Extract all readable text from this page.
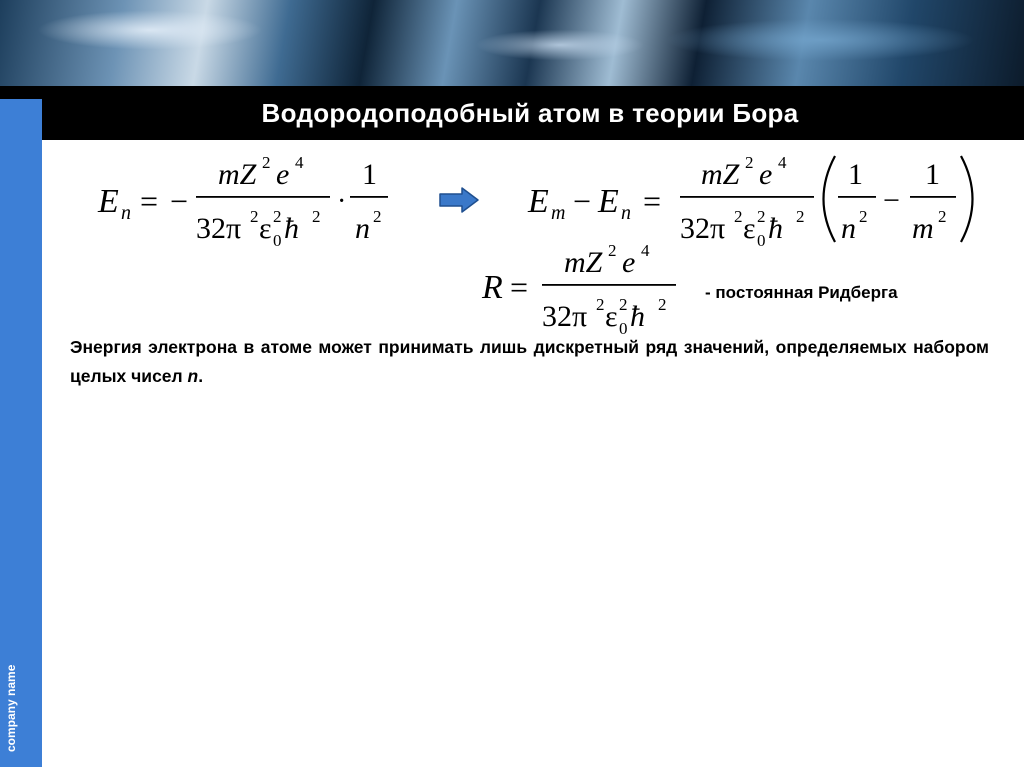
Водородоподобный атом в теории Бора
company name
E n = −
mZ 2 e 4
32π 2 ε 2
0 ħ 2 ·
1
n 2	E m − E n =
mZ 2 e 4
32π 2 ε 2
0 ħ 2
1
n 2 −
1
m 2
R =
mZ 2 e 4
32π 2 ε 2
0 ħ 2
- постоянная Ридберга
Энергия электрона в атоме может принимать лишь дискретный ряд значений, определяемых набором целых чисел n.
